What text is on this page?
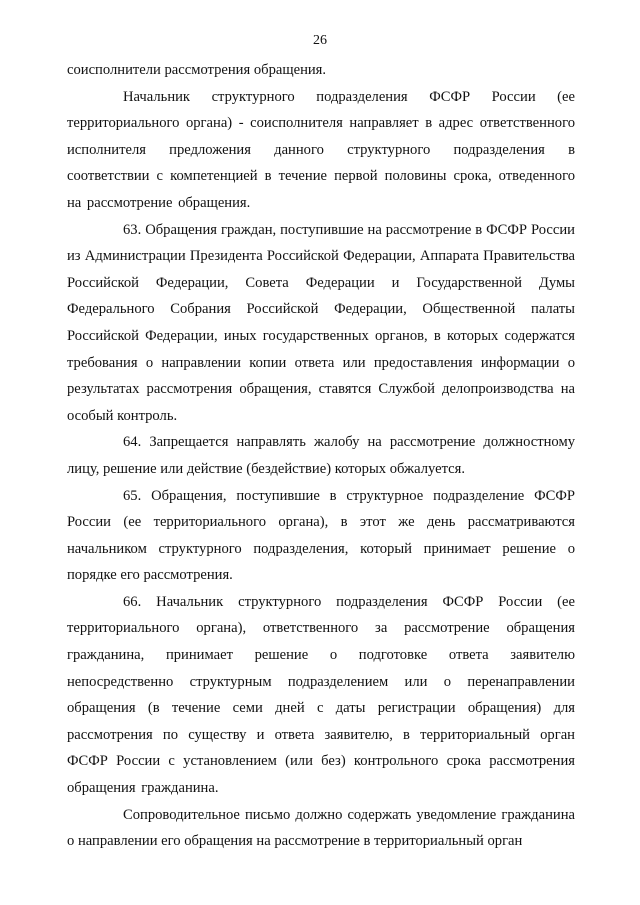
26

соисполнители рассмотрения обращения.

Начальник структурного подразделения ФСФР России (ее территориального органа) - соисполнителя направляет в адрес ответственного исполнителя предложения данного структурного подразделения в соответствии с компетенцией в течение первой половины срока, отведенного на рассмотрение обращения.

63. Обращения граждан, поступившие на рассмотрение в ФСФР России из Администрации Президента Российской Федерации, Аппарата Правительства Российской Федерации, Совета Федерации и Государственной Думы Федерального Собрания Российской Федерации, Общественной палаты Российской Федерации, иных государственных органов, в которых содержатся требования о направлении копии ответа или предоставления информации о результатах рассмотрения обращения, ставятся Службой делопроизводства на особый контроль.

64. Запрещается направлять жалобу на рассмотрение должностному лицу, решение или действие (бездействие) которых обжалуется.

65. Обращения, поступившие в структурное подразделение ФСФР России (ее территориального органа), в этот же день рассматриваются начальником структурного подразделения, который принимает решение о порядке его рассмотрения.

66. Начальник структурного подразделения ФСФР России (ее территориального органа), ответственного за рассмотрение обращения гражданина, принимает решение о подготовке ответа заявителю непосредственно структурным подразделением или о перенаправлении обращения (в течение семи дней с даты регистрации обращения) для рассмотрения по существу и ответа заявителю, в территориальный орган ФСФР России с установлением (или без) контрольного срока рассмотрения обращения гражданина.

Сопроводительное письмо должно содержать уведомление гражданина о направлении его обращения на рассмотрение в территориальный орган
